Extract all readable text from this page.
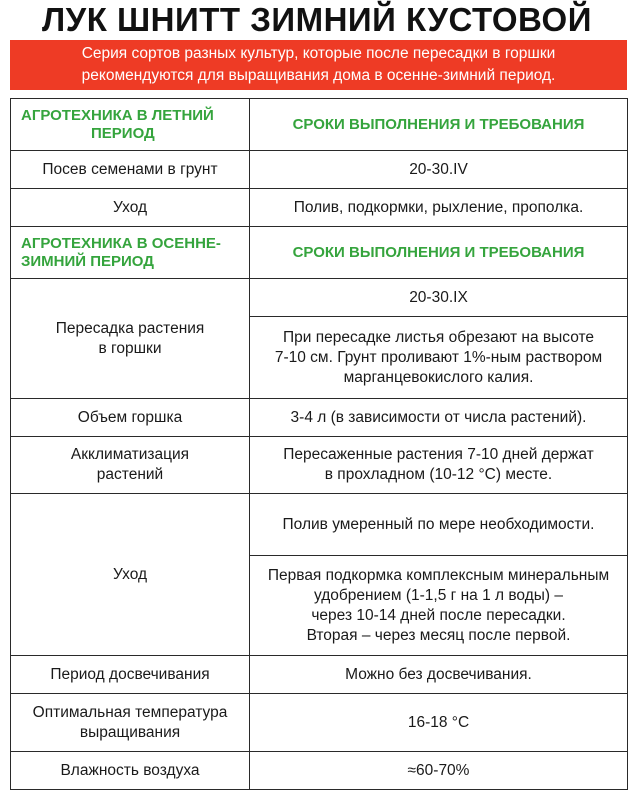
ЛУК ШНИТТ ЗИМНИЙ КУСТОВОЙ
Серия сортов разных культур, которые после пересадки в горшки
рекомендуются для выращивания дома в осенне-зимний период.
АГРОТЕХНИКА В ЛЕТНИЙ
ПЕРИОД	СРОКИ ВЫПОЛНЕНИЯ И ТРЕБОВАНИЯ
Посев семенами в грунт	20-30.IV
Уход	Полив, подкормки, рыхление, прополка.

АГРОТЕХНИКА В ОСЕННЕ-
ЗИМНИЙ ПЕРИОД	СРОКИ ВЫПОЛНЕНИЯ И ТРЕБОВАНИЯ

Пересадка растения
в горшки	20-30.IX

	При пересадке листья обрезают на высоте
7-10 см. Грунт проливают 1%-ным раствором
марганцевокислого калия.

Объем горшка	3-4 л (в зависимости от числа растений).

Акклиматизация
растений	Пересаженные растения 7-10 дней держат
в прохладном (10-12 °С) месте.

Уход	Полив умеренный по мере необходимости.

	Первая подкормка комплексным минеральным
удобрением (1-1,5 г на 1 л воды) –
через 10-14 дней после пересадки.
Вторая – через месяц после первой.

Период досвечивания	Можно без досвечивания.

Оптимальная температура
выращивания	16-18 °С
Влажность воздуха	≈60-70%
